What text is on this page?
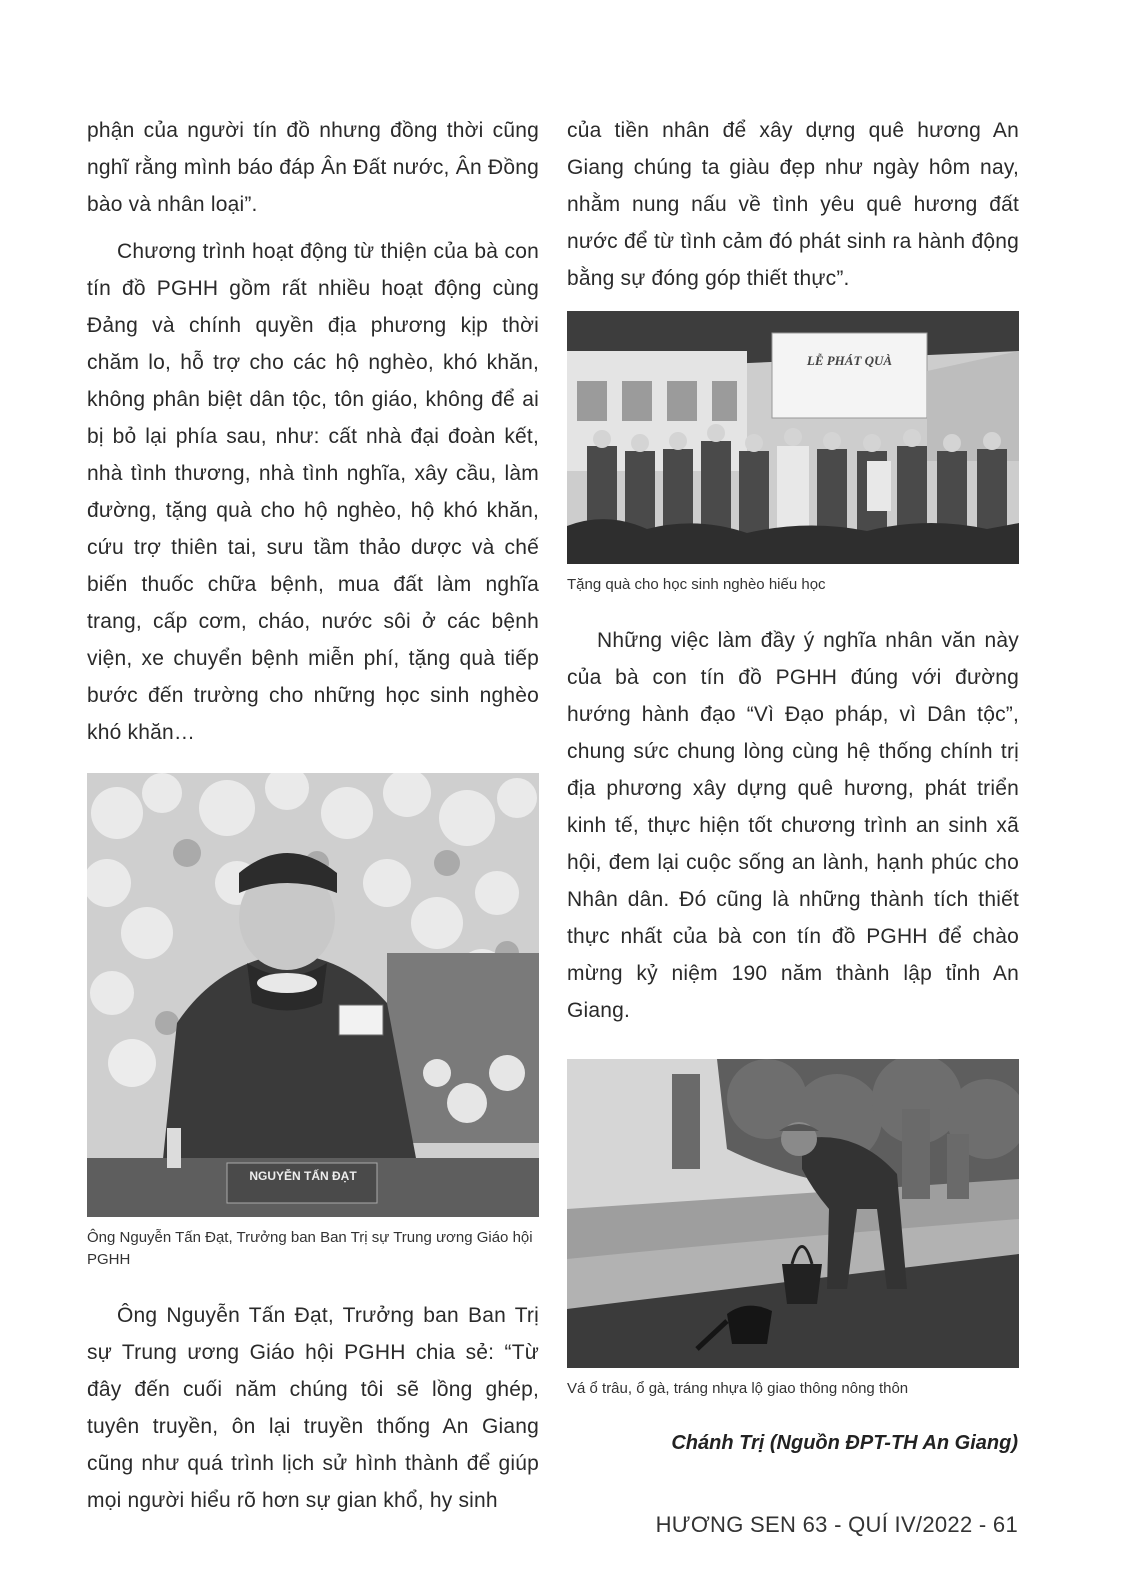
phận của người tín đồ nhưng đồng thời cũng nghĩ rằng mình báo đáp Ân Đất nước, Ân Đồng bào và nhân loại”.

Chương trình hoạt động từ thiện của bà con tín đồ PGHH gồm rất nhiều hoạt động cùng Đảng và chính quyền địa phương kịp thời chăm lo, hỗ trợ cho các hộ nghèo, khó khăn, không phân biệt dân tộc, tôn giáo, không để ai bị bỏ lại phía sau, như: cất nhà đại đoàn kết, nhà tình thương, nhà tình nghĩa, xây cầu, làm đường, tặng quà cho hộ nghèo, hộ khó khăn, cứu trợ thiên tai, sưu tầm thảo dược và chế biến thuốc chữa bệnh, mua đất làm nghĩa trang, cấp cơm, cháo, nước sôi ở các bệnh viện, xe chuyển bệnh miễn phí, tặng quà tiếp bước đến trường cho những học sinh nghèo khó khăn…

NGUYỄN TẤN ĐẠT

Ông Nguyễn Tấn Đạt, Trưởng ban Ban Trị sự Trung ương Giáo hội PGHH

Ông Nguyễn Tấn Đạt, Trưởng ban Ban Trị sự Trung ương Giáo hội PGHH chia sẻ: “Từ đây đến cuối năm chúng tôi sẽ lồng ghép, tuyên truyền, ôn lại truyền thống An Giang cũng như quá trình lịch sử hình thành để giúp mọi người hiểu rõ hơn sự gian khổ, hy sinh

của tiền nhân để xây dựng quê hương An Giang chúng ta giàu đẹp như ngày hôm nay, nhằm nung nấu về tình yêu quê hương đất nước để từ tình cảm đó phát sinh ra hành động bằng sự đóng góp thiết thực”.

LỄ PHÁT QUÀ

Tặng quà cho học sinh nghèo hiếu học

Những việc làm đầy ý nghĩa nhân văn này của bà con tín đồ PGHH đúng với đường hướng hành đạo “Vì Đạo pháp, vì Dân tộc”, chung sức chung lòng cùng hệ thống chính trị địa phương xây dựng quê hương, phát triển kinh tế, thực hiện tốt chương trình an sinh xã hội, đem lại cuộc sống an lành, hạnh phúc cho Nhân dân. Đó cũng là những thành tích thiết thực nhất của bà con tín đồ PGHH để chào mừng kỷ niệm 190 năm thành lập tỉnh An Giang.

Vá ổ trâu, ổ gà, tráng nhựa lộ giao thông nông thôn

Chánh Trị (Nguồn ĐPT-TH An Giang)
HƯƠNG SEN 63 - QUÍ IV/2022 - 61
